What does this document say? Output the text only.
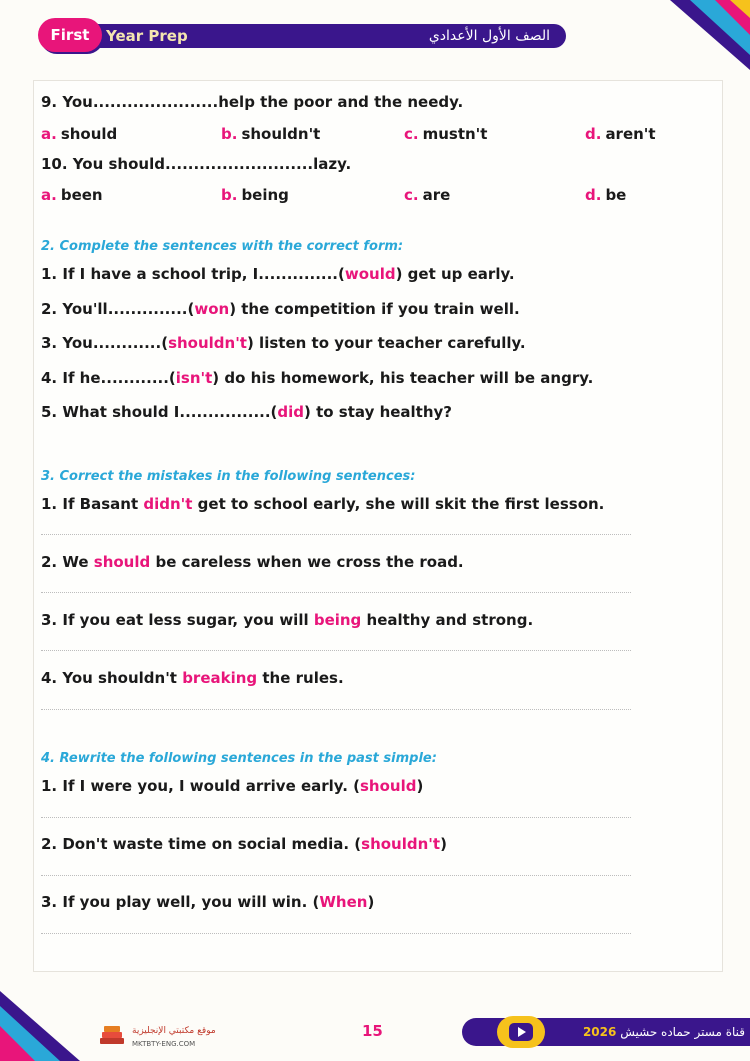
First	Year Prep	الصف الأول الأعدادي
9. You......................help the poor and the needy.
a. should	b. shouldn't	c. mustn't	d. aren't
10. You should..........................lazy.
a. been	b. being	c. are	d. be
2. Complete the sentences with the correct form:
1. If I have a school trip, I..............(would) get up early.
2. You'll..............(won) the competition if you train well.
3. You............(shouldn't) listen to your teacher carefully.
4. If he............(isn't) do his homework, his teacher will be angry.
5. What should I................(did) to stay healthy?
3. Correct the mistakes in the following sentences:
1. If Basant didn't get to school early, she will skit the first lesson.
2. We should be careless when we cross the road.
3. If you eat less sugar, you will being healthy and strong.
4. You shouldn't breaking the rules.
4. Rewrite the following sentences in the past simple:
1. If I were you, I would arrive early. (should)
2. Don't waste time on social media. (shouldn't)
3. If you play well, you will win. (When)
موقع مكتبتي الإنجليزية
MKTBTY-ENG.COM
15	قناة مستر حماده حشيش 2026
